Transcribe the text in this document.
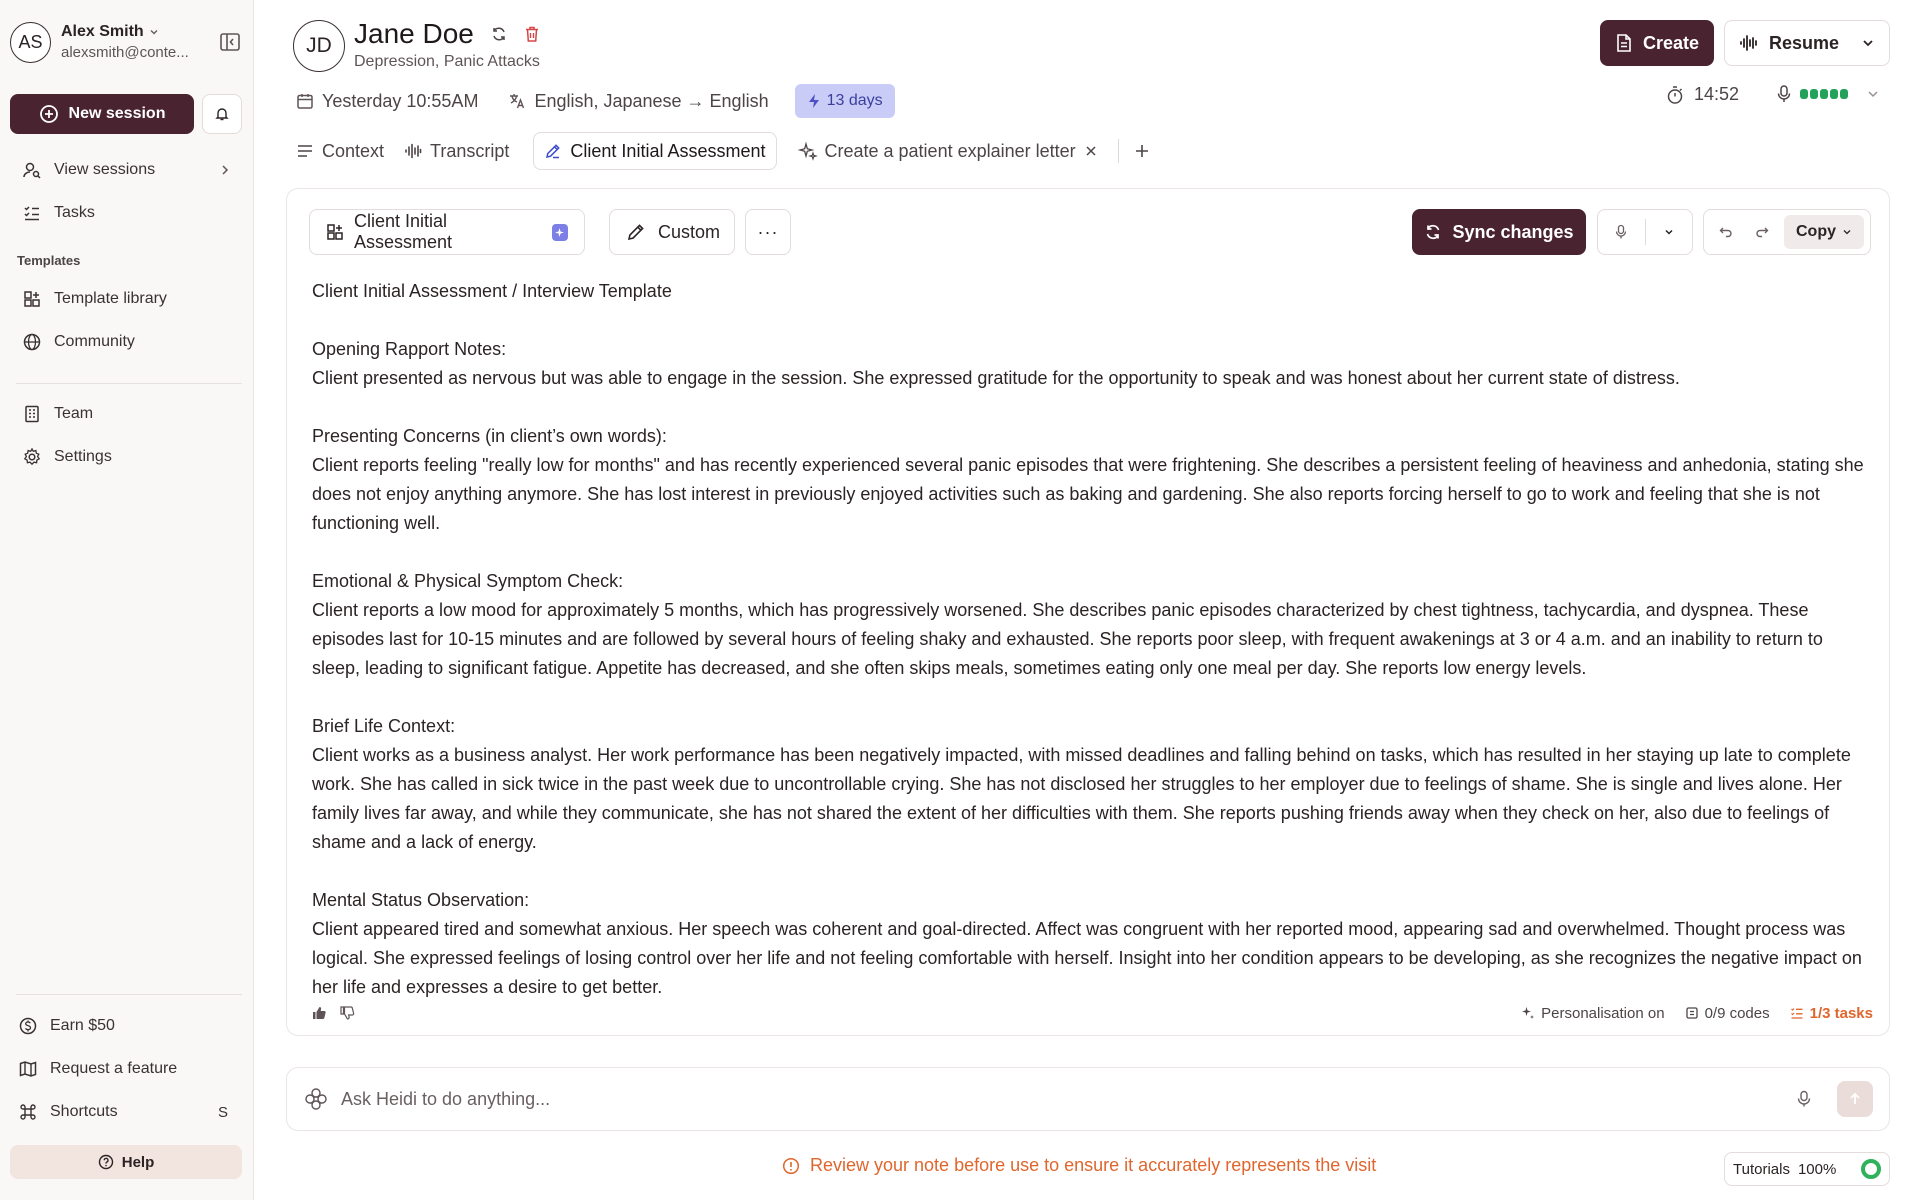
AS	Alex Smith
alexsmith@conte...
New session
View sessions
Tasks
Templates
Template library
Community
Team
Settings
Earn $50
Request a feature
Shortcuts	S
Help
JD Jane Doe
Depression, Panic Attacks
Yesterday 10:55AM	English, Japanese → English	13 days
Create	Resume
14:52
Context	Transcript	Client Initial Assessment	Create a patient explainer letter
Client Initial Assessment
Custom ···	Sync changes	Copy

Client Initial Assessment / Interview Template

Opening Rapport Notes:
Client presented as nervous but was able to engage in the session. She expressed gratitude for the opportunity to speak and was honest about her current state of distress.

Presenting Concerns (in client’s own words):
Client reports feeling "really low for months" and has recently experienced several panic episodes that were frightening. She describes a persistent feeling of heaviness and anhedonia, stating she does not enjoy anything anymore. She has lost interest in previously enjoyed activities such as baking and gardening. She also reports forcing herself to go to work and feeling that she is not functioning well.

Emotional & Physical Symptom Check:
Client reports a low mood for approximately 5 months, which has progressively worsened. She describes panic episodes characterized by chest tightness, tachycardia, and dyspnea. These episodes last for 10-15 minutes and are followed by several hours of feeling shaky and exhausted. She reports poor sleep, with frequent awakenings at 3 or 4 a.m. and an inability to return to sleep, leading to significant fatigue. Appetite has decreased, and she often skips meals, sometimes eating only one meal per day. She reports low energy levels.

Brief Life Context:
Client works as a business analyst. Her work performance has been negatively impacted, with missed deadlines and falling behind on tasks, which has resulted in her staying up late to complete work. She has called in sick twice in the past week due to uncontrollable crying. She has not disclosed her struggles to her employer due to feelings of shame. She is single and lives alone. Her family lives far away, and while they communicate, she has not shared the extent of her difficulties with them. She reports pushing friends away when they check on her, also due to feelings of shame and a lack of energy.

Mental Status Observation:
Client appeared tired and somewhat anxious. Her speech was coherent and goal-directed. Affect was congruent with her reported mood, appearing sad and overwhelmed. Thought process was logical. She expressed feelings of losing control over her life and not feeling comfortable with herself. Insight into her condition appears to be developing, as she recognizes the negative impact on her life and expresses a desire to get better.

Personalisation on	0/9 codes	1/3 tasks
Ask Heidi to do anything...
Review your note before use to ensure it accurately represents the visit	Tutorials 100%
